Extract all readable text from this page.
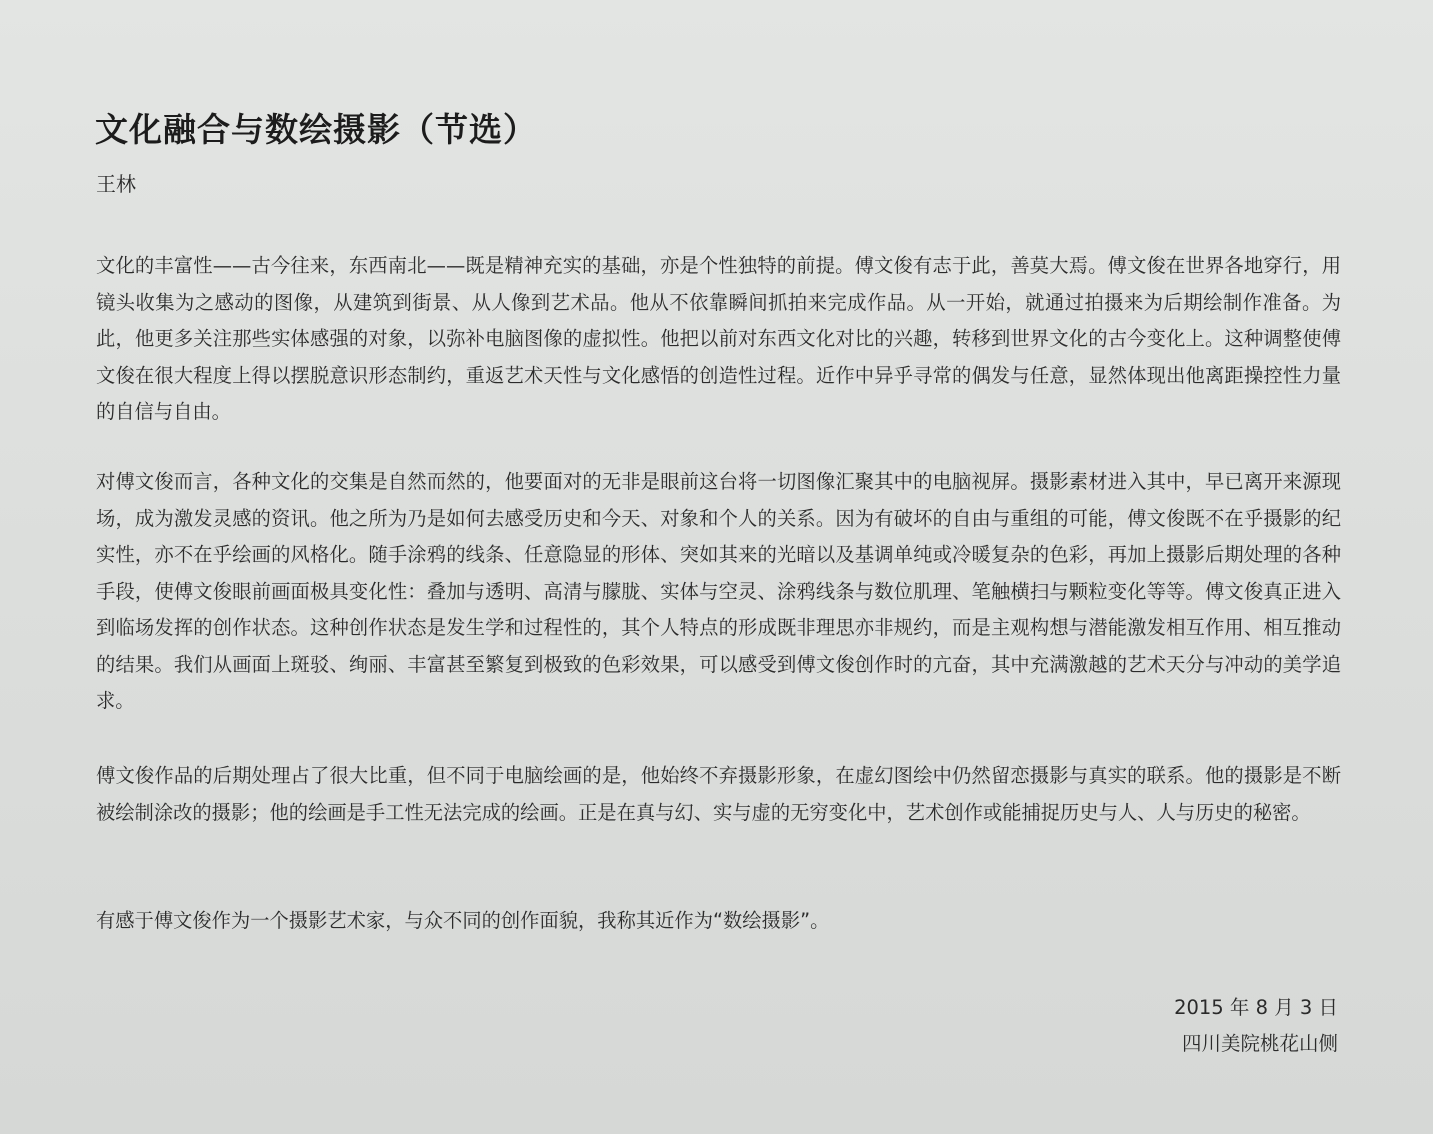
文化融合与数绘摄影（节选）
王林

文化的丰富性——古今往来，东西南北——既是精神充实的基础，亦是个性独特的前提。傅文俊有志于此，善莫大焉。傅文俊在世界各地穿行，用镜头收集为之感动的图像，从建筑到街景、从人像到艺术品。他从不依靠瞬间抓拍来完成作品。从一开始，就通过拍摄来为后期绘制作准备。为此，他更多关注那些实体感强的对象，以弥补电脑图像的虚拟性。他把以前对东西文化对比的兴趣，转移到世界文化的古今变化上。这种调整使傅文俊在很大程度上得以摆脱意识形态制约，重返艺术天性与文化感悟的创造性过程。近作中异乎寻常的偶发与任意，显然体现出他离距操控性力量的自信与自由。

对傅文俊而言，各种文化的交集是自然而然的，他要面对的无非是眼前这台将一切图像汇聚其中的电脑视屏。摄影素材进入其中，早已离开来源现场，成为激发灵感的资讯。他之所为乃是如何去感受历史和今天、对象和个人的关系。因为有破坏的自由与重组的可能，傅文俊既不在乎摄影的纪实性，亦不在乎绘画的风格化。随手涂鸦的线条、任意隐显的形体、突如其来的光暗以及基调单纯或冷暖复杂的色彩，再加上摄影后期处理的各种手段，使傅文俊眼前画面极具变化性：叠加与透明、高清与朦胧、实体与空灵、涂鸦线条与数位肌理、笔触横扫与颗粒变化等等。傅文俊真正进入到临场发挥的创作状态。这种创作状态是发生学和过程性的，其个人特点的形成既非理思亦非规约，而是主观构想与潜能激发相互作用、相互推动的结果。我们从画面上斑驳、绚丽、丰富甚至繁复到极致的色彩效果，可以感受到傅文俊创作时的亢奋，其中充满激越的艺术天分与冲动的美学追求。

傅文俊作品的后期处理占了很大比重，但不同于电脑绘画的是，他始终不弃摄影形象，在虚幻图绘中仍然留恋摄影与真实的联系。他的摄影是不断被绘制涂改的摄影；他的绘画是手工性无法完成的绘画。正是在真与幻、实与虚的无穷变化中，艺术创作或能捕捉历史与人、人与历史的秘密。

有感于傅文俊作为一个摄影艺术家，与众不同的创作面貌，我称其近作为“数绘摄影”。

2015 年 8 月 3 日
四川美院桃花山侧
